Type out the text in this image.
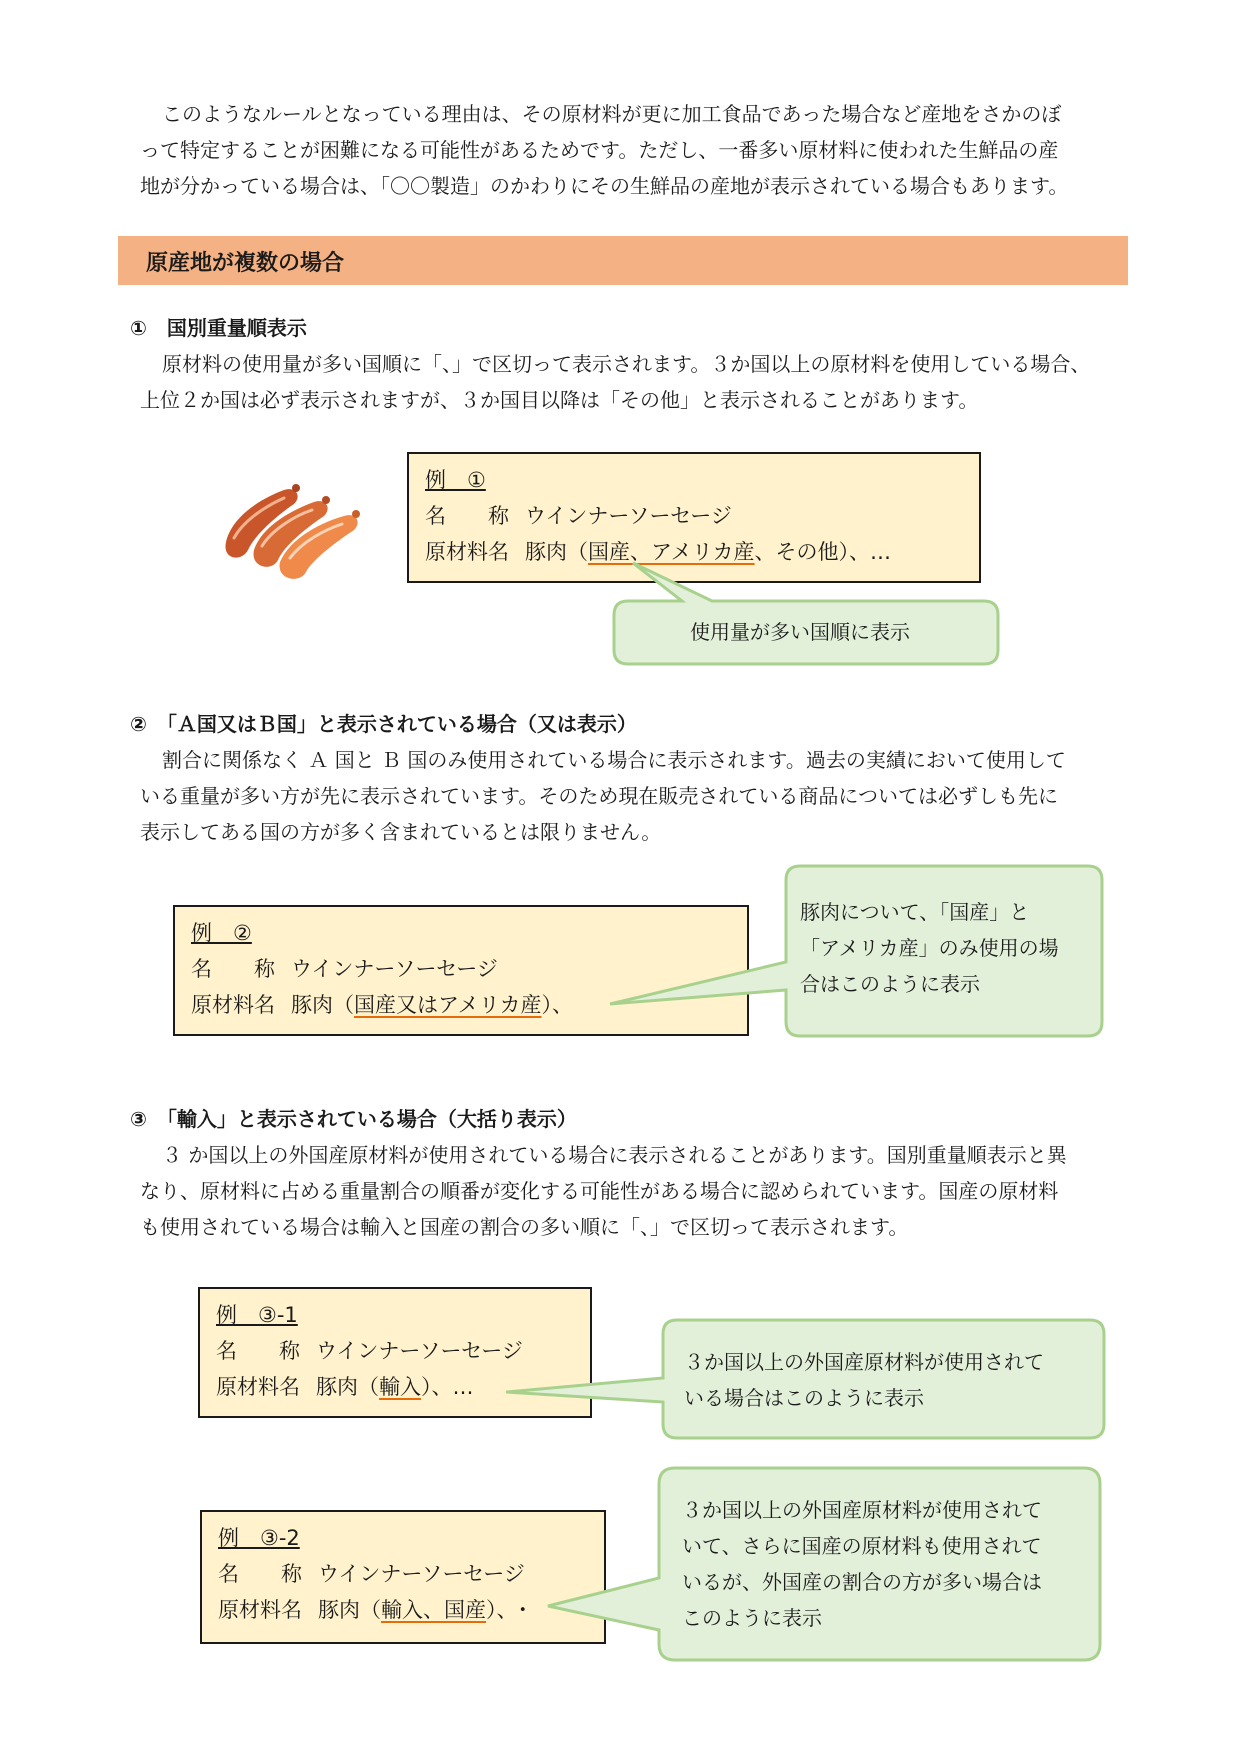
このようなルールとなっている理由は、その原材料が更に加工食品であった場合など産地をさかのぼ

って特定することが困難になる可能性があるためです。ただし、一番多い原材料に使われた生鮮品の産

地が分かっている場合は、「〇〇製造」のかわりにその生鮮品の産地が表示されている場合もあります。

原産地が複数の場合
①　国別重量順表示

原材料の使用量が多い国順に「、」で区切って表示されます。３か国以上の原材料を使用している場合、

上位２か国は必ず表示されますが、３か国目以降は「その他」と表示されることがあります。

例　①
名　　称 ウインナーソーセージ
原材料名 豚肉（国産、アメリカ産、その他）、…

使用量が多い国順に表示

②　「Ａ国又はＢ国」と表示されている場合（又は表示）

割合に関係なく Ａ 国と Ｂ 国のみ使用されている場合に表示されます。過去の実績において使用して

いる重量が多い方が先に表示されています。そのため現在販売されている商品については必ずしも先に

表示してある国の方が多く含まれているとは限りません。

例　②
名　　称 ウインナーソーセージ
原材料名 豚肉（国産又はアメリカ産）、

豚肉について、「国産」と

「アメリカ産」のみ使用の場

合はこのように表示

③　「輸入」と表示されている場合（大括り表示）

３ か国以上の外国産原材料が使用されている場合に表示されることがあります。国別重量順表示と異

なり、原材料に占める重量割合の順番が変化する可能性がある場合に認められています。国産の原材料

も使用されている場合は輸入と国産の割合の多い順に「、」で区切って表示されます。

例　③-1
名　　称 ウインナーソーセージ
原材料名 豚肉（輸入）、…

３か国以上の外国産原材料が使用されて

いる場合はこのように表示

例　③-2
名　　称 ウインナーソーセージ
原材料名 豚肉（輸入、国産）、･

３か国以上の外国産原材料が使用されて

いて、さらに国産の原材料も使用されて

いるが、外国産の割合の方が多い場合は

このように表示
